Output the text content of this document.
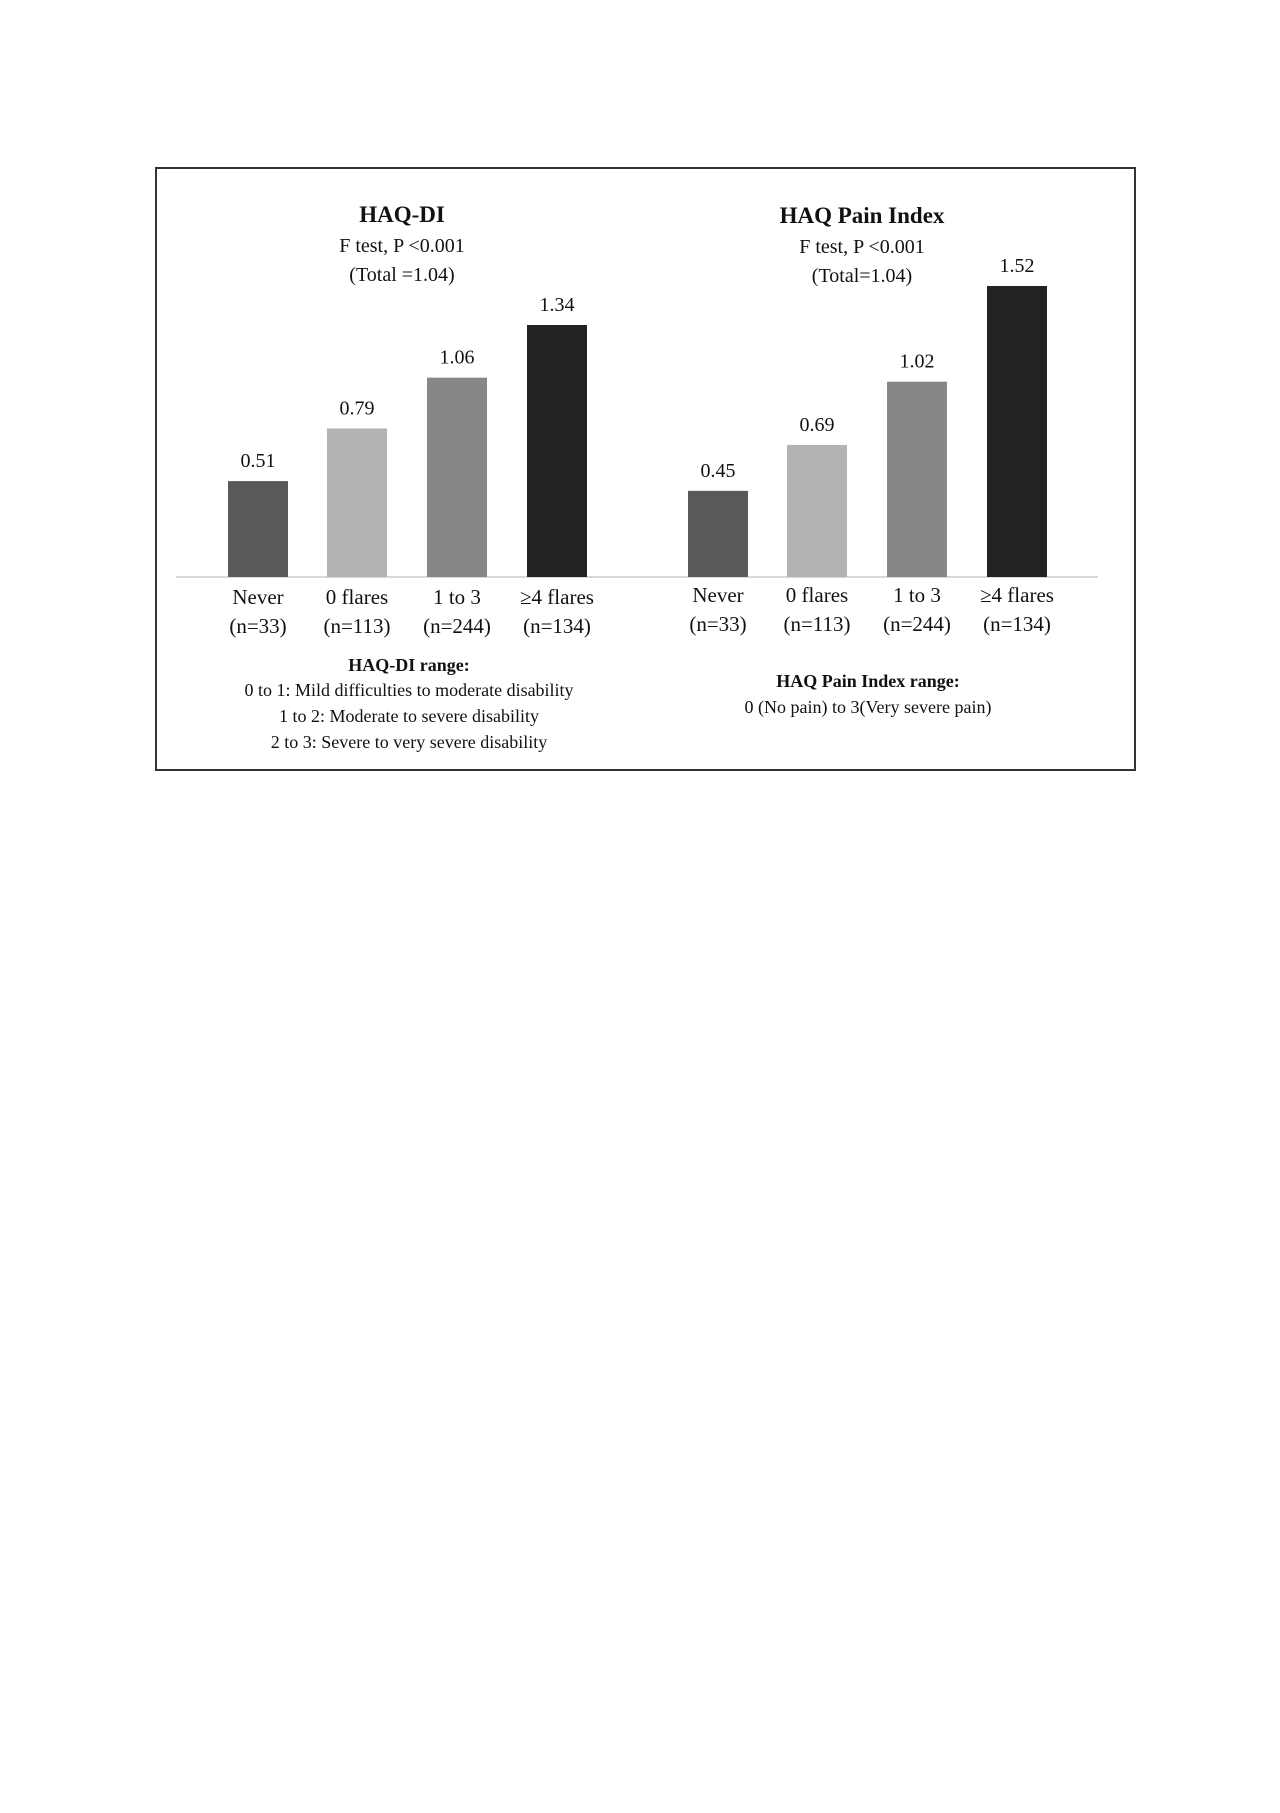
HAQ-DI
F test, P <0.001
(Total =1.04)
0.51
Never
(n=33)
0.79
0 flares
(n=113)
1.06
1 to 3
(n=244)
1.34
≥4 flares
(n=134)
HAQ-DI range:
0 to 1: Mild difficulties to moderate disability
1 to 2: Moderate to severe disability
2 to 3: Severe to very severe disability
HAQ Pain Index
F test, P <0.001
(Total=1.04)
0.45
Never
(n=33)
0.69
0 flares
(n=113)
1.02
1 to 3
(n=244)
1.52
≥4 flares
(n=134)
HAQ Pain Index range:
0 (No pain) to 3(Very severe pain)
